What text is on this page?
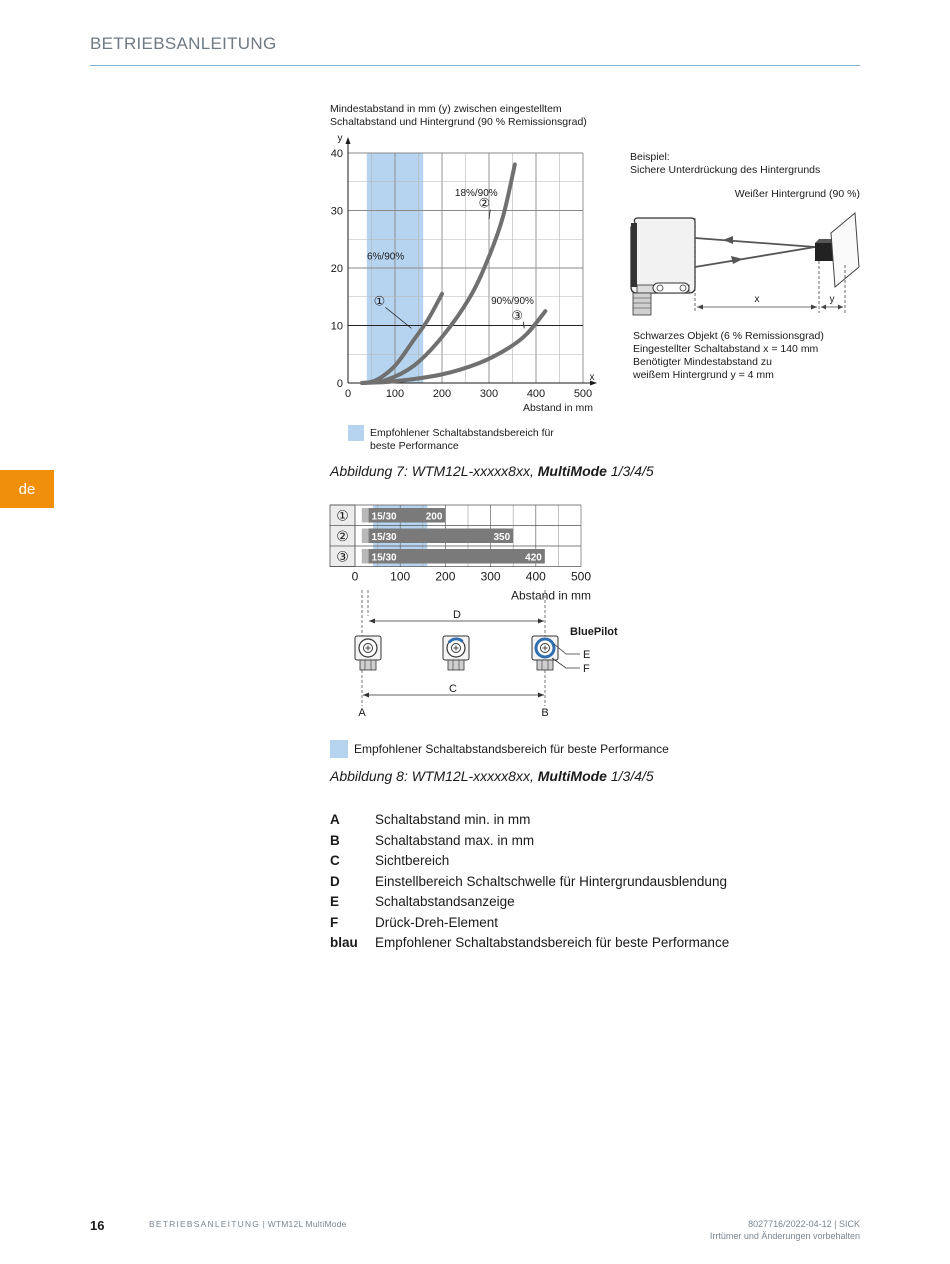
BETRIEBSANLEITUNG
de
Mindestabstand in mm (y) zwischen eingestelltem
Schaltabstand und Hintergrund (90 % Remissionsgrad)
0	100	200	300	400	500
0
10
20
30
40
y
x
Abstand in mm
6%/90%
①
18%/90%
②
90%/90%
③
Empfohlener Schaltabstandsbereich für
beste Performance
Abbildung 7: WTM12L-xxxxx8xx, MultiMode 1/3/4/5
Beispiel:
Sichere Unterdrückung des Hintergrunds
Weißer Hintergrund (90 %)
x	y
Schwarzes Objekt (6 % Remissionsgrad)
Eingestellter Schaltabstand x = 140 mm
Benötigter Mindestabstand zu
weißem Hintergrund y = 4 mm
① 15/30	200
② 15/30	350
③ 15/30	420
0	100 200 300 400 500
Abstand in mm
D
BluePilot
E
F
C
A	B
Empfohlener Schaltabstandsbereich für beste Performance
Abbildung 8: WTM12L-xxxxx8xx, MultiMode 1/3/4/5
A	Schaltabstand min. in mm
B	Schaltabstand max. in mm
C	Sichtbereich
D	Einstellbereich Schaltschwelle für Hintergrundausblendung
E	Schaltabstandsanzeige
F	Drück-Dreh-Element
blau	Empfohlener Schaltabstandsbereich für beste Performance
16	BETRIEBSANLEITUNG | WTM12L MultiMode	8027716/2022-04-12 | SICK
Irrtümer und Änderungen vorbehalten
